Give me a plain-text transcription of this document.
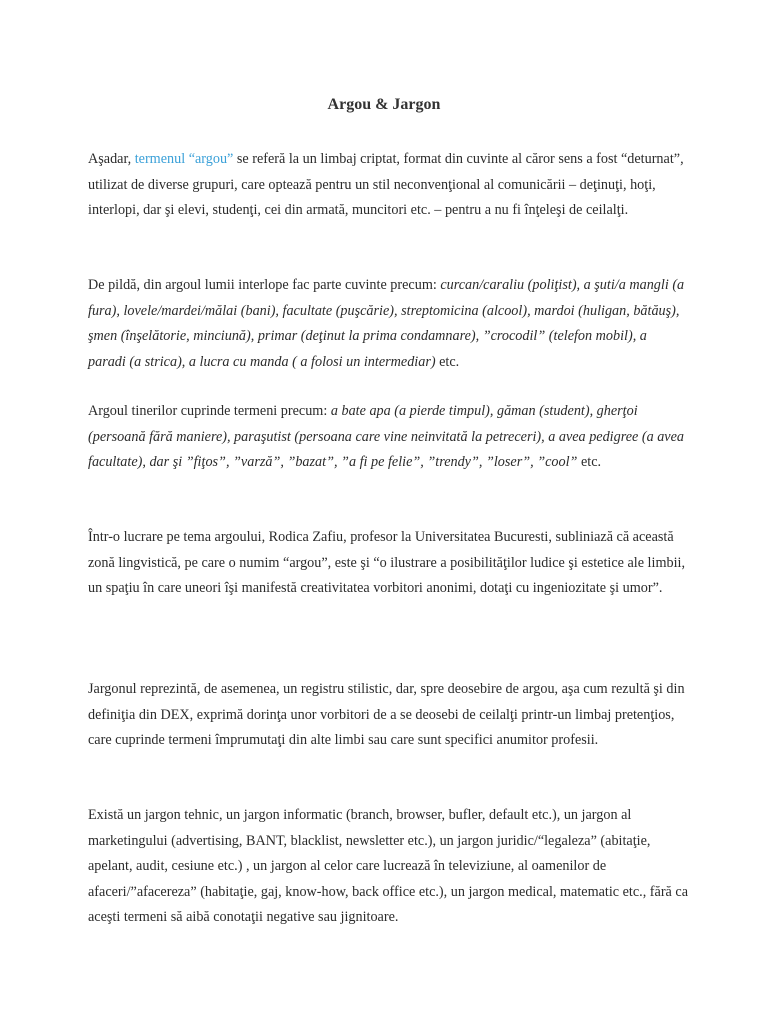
Argou & Jargon

Aşadar, termenul “argou” se referă la un limbaj criptat, format din cuvinte al căror sens a fost “deturnat”, utilizat de diverse grupuri, care optează pentru un stil neconvenţional al comunicării – deţinuţi, hoţi, interlopi, dar şi elevi, studenţi, cei din armată, muncitori etc. – pentru a nu fi înţeleşi de ceilalţi.

De pildă, din argoul lumii interlope fac parte cuvinte precum: curcan/caraliu (poliţist), a şuti/a mangli (a fura), lovele/mardei/mălai (bani), facultate (puşcărie), streptomicina (alcool), mardoi (huligan, bătăuş), şmen (înşelătorie, minciună), primar (deţinut la prima condamnare), ”crocodil” (telefon mobil), a paradi (a strica), a lucra cu manda ( a folosi un intermediar) etc.

Argoul tinerilor cuprinde termeni precum: a bate apa (a pierde timpul), găman (student), gherţoi (persoană fără maniere), paraşutist (persoana care vine neinvitată la petreceri), a avea pedigree (a avea facultate), dar şi ”fiţos”, ”varză”, ”bazat”, ”a fi pe felie”, ”trendy”, ”loser”, ”cool” etc.

Într-o lucrare pe tema argoului, Rodica Zafiu, profesor la Universitatea Bucuresti, subliniază că această zonă lingvistică, pe care o numim “argou”, este şi “o ilustrare a posibilităţilor ludice şi estetice ale limbii, un spaţiu în care uneori îşi manifestă creativitatea vorbitori anonimi, dotaţi cu ingeniozitate şi umor”.

Jargonul reprezintă, de asemenea, un registru stilistic, dar, spre deosebire de argou, aşa cum rezultă şi din definiţia din DEX, exprimă dorinţa unor vorbitori de a se deosebi de ceilalţi printr-un limbaj pretenţios, care cuprinde termeni împrumutaţi din alte limbi sau care sunt specifici anumitor profesii.

Există un jargon tehnic, un jargon informatic (branch, browser, bufler, default etc.), un jargon al marketingului (advertising, BANT, blacklist, newsletter etc.), un jargon juridic/“legaleza” (abitaţie, apelant, audit, cesiune etc.) , un jargon al celor care lucrează în televiziune, al oamenilor de afaceri/”afacereza” (habitaţie, gaj, know-how, back office etc.), un jargon medical, matematic etc., fără ca aceşti termeni să aibă conotaţii negative sau jignitoare.
